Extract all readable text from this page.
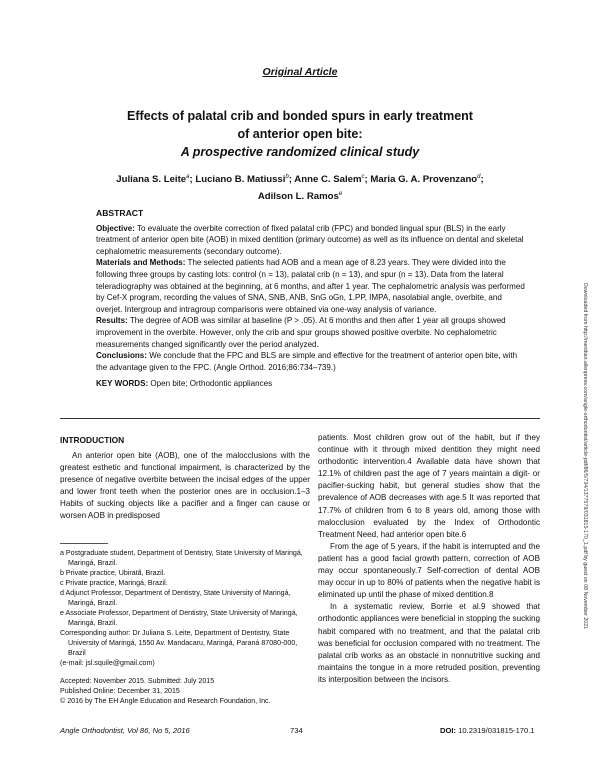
Original Article
Effects of palatal crib and bonded spurs in early treatment
of anterior open bite:
A prospective randomized clinical study
Juliana S. Leite$^a$; Luciano B. Matiussi$^b$; Anne C. Salem$^c$; Maria G. A. Provenzano$^d$;
Adilson L. Ramos$^e$
ABSTRACT
Objective: To evaluate the overbite correction of fixed palatal crib (FPC) and bonded lingual spur (BLS) in the early treatment of anterior open bite (AOB) in mixed dentition (primary outcome) as well as its influence on dental and skeletal cephalometric measurements (secondary outcome).
Materials and Methods: The selected patients had AOB and a mean age of 8.23 years. They were divided into the following three groups by casting lots: control (n = 13), palatal crib (n = 13), and spur (n = 13). Data from the lateral teleradiography was obtained at the beginning, at 6 months, and after 1 year. The cephalometric analysis was performed by Cef-X program, recording the values of SNA, SNB, ANB, SnG oGn, 1.PP, IMPA, nasolabial angle, overbite, and overjet. Intergroup and intragroup comparisons were obtained via one-way analysis of variance.
Results: The degree of AOB was similar at baseline (P > .05). At 6 months and then after 1 year all groups showed improvement in the overbite. However, only the crib and spur groups showed positive overbite. No cephalometric measurements changed significantly over the period analyzed.
Conclusions: We conclude that the FPC and BLS are simple and effective for the treatment of anterior open bite, with the advantage given to the FPC. (Angle Orthod. 2016;86:734–739.)
KEY WORDS: Open bite; Orthodontic appliances
INTRODUCTION

An anterior open bite (AOB), one of the malocclusions with the greatest esthetic and functional impairment, is characterized by the presence of negative overbite between the incisal edges of the upper and lower front teeth when the posterior ones are in occlusion.1–3 Habits of sucking objects like a pacifier and a finger can cause or worsen AOB in predisposed

a Postgraduate student, Department of Dentistry, State University of Maringá, Maringá, Brazil.
b Private practice, Ubiratã, Brazil.
c Private practice, Maringá, Brazil.
d Adjunct Professor, Department of Dentistry, State University of Maringá, Maringá, Brazil.
e Associate Professor, Department of Dentistry, State University of Maringá, Maringá, Brazil.
Corresponding author: Dr Juliana S. Leite, Department of Dentistry, State University of Maringá, 1550 Av. Mandacaru, Maringá, Paraná 87080-000, Brazil
(e-mail: jsl.squile@gmail.com)
Accepted: November 2015. Submitted: July 2015
Published Online: December 31, 2015
© 2016 by The EH Angle Education and Research Foundation, Inc.

patients. Most children grow out of the habit, but if they continue with it through mixed dentition they might need orthodontic intervention.4 Available data have shown that 12.1% of children past the age of 7 years maintain a digit- or pacifier-sucking habit, but general studies show that the prevalence of AOB decreases with age.5 It was reported that 17.7% of children from 6 to 8 years old, among those with malocclusion evaluated by the Index of Orthodontic Treatment Need, had anterior open bite.6

From the age of 5 years, if the habit is interrupted and the patient has a good facial growth pattern, correction of AOB may occur spontaneously.7 Self-correction of dental AOB may occur in up to 80% of patients when the negative habit is eliminated up until the phase of mixed dentition.8

In a systematic review, Borrie et al.9 showed that orthodontic appliances were beneficial in stopping the sucking habit compared with no treatment, and that the palatal crib was beneficial for occlusion compared with no treatment. The palatal crib works as an obstacle in nonnutritive sucking and maintains the tongue in a more retruded position, preventing its interposition between the incisors.

Angle Orthodontist, Vol 86, No 5, 2016	734	DOI: 10.2319/031815-170.1
Downloaded from http://meridian.allenpress.com/angle-orthodontist/article-pdf/86/5/734/1377579/031815-170_1.pdf by guest on 08 November 2021
